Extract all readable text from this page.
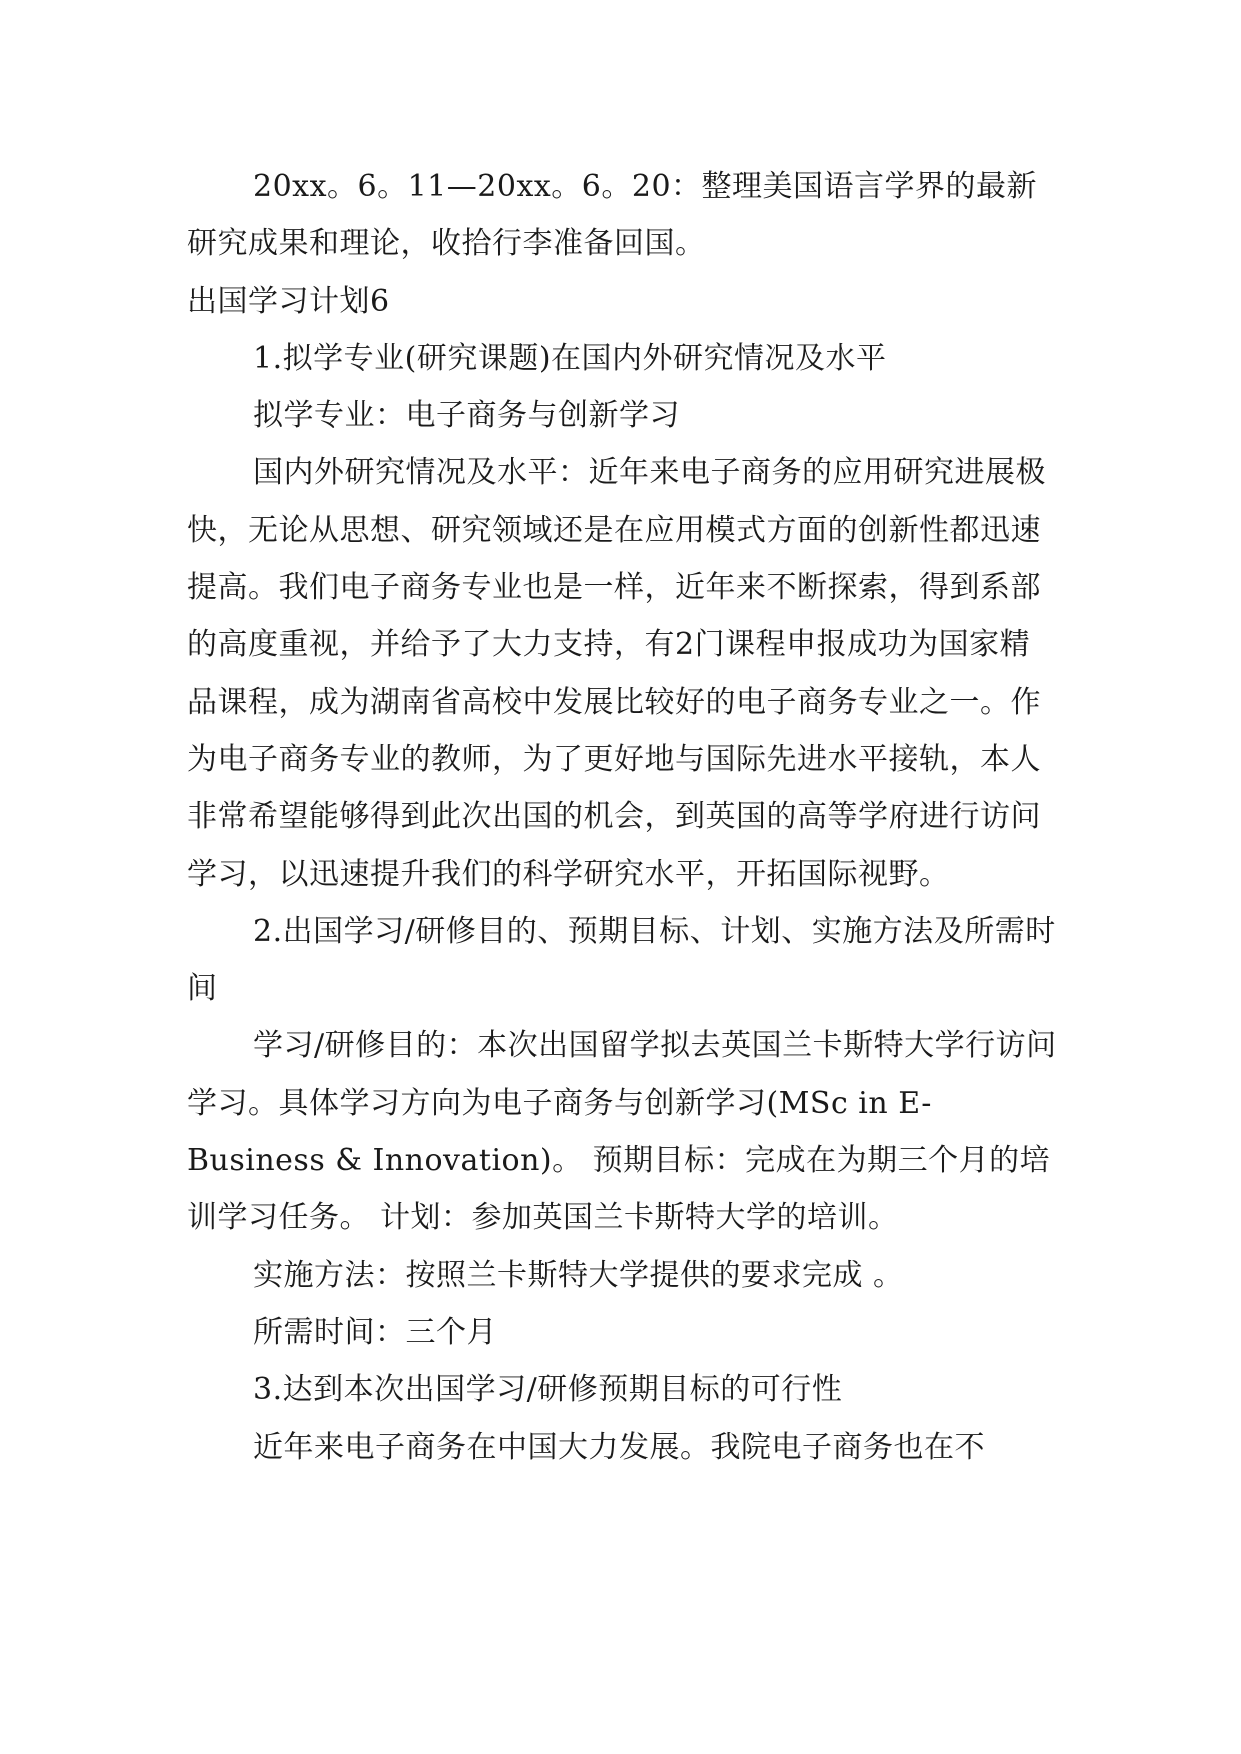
20xx。6。11—20xx。6。20：整理美国语言学界的最新研究成果和理论，收拾行李准备回国。

出国学习计划6

1.拟学专业(研究课题)在国内外研究情况及水平

拟学专业：电子商务与创新学习

国内外研究情况及水平：近年来电子商务的应用研究进展极快，无论从思想、研究领域还是在应用模式方面的创新性都迅速提高。我们电子商务专业也是一样，近年来不断探索，得到系部的高度重视，并给予了大力支持，有2门课程申报成功为国家精品课程，成为湖南省高校中发展比较好的电子商务专业之一。作为电子商务专业的教师，为了更好地与国际先进水平接轨，本人非常希望能够得到此次出国的机会，到英国的高等学府进行访问学习，以迅速提升我们的科学研究水平，开拓国际视野。

2.出国学习/研修目的、预期目标、计划、实施方法及所需时间

学习/研修目的：本次出国留学拟去英国兰卡斯特大学行访问学习。具体学习方向为电子商务与创新学习(MSc in E-Business & Innovation)。 预期目标：完成在为期三个月的培训学习任务。 计划：参加英国兰卡斯特大学的培训。

实施方法：按照兰卡斯特大学提供的要求完成 。

所需时间：三个月

3.达到本次出国学习/研修预期目标的可行性

近年来电子商务在中国大力发展。我院电子商务也在不
